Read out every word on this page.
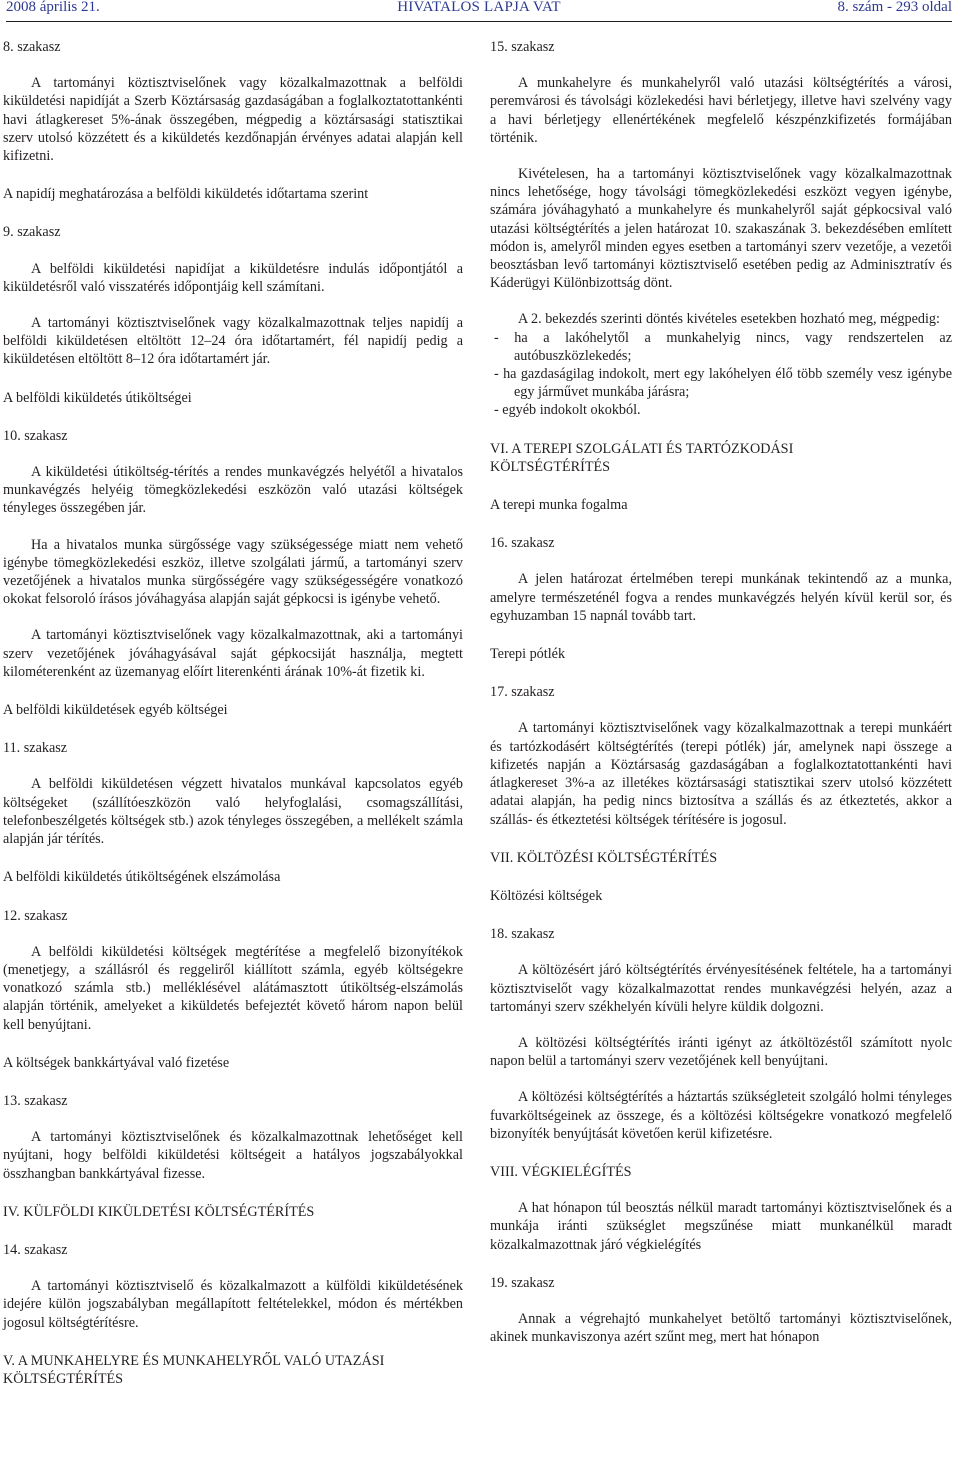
2008 április 21.	HIVATALOS LAPJA VAT	8. szám - 293 oldal

8. szakasz

A tartományi köztisztviselőnek vagy közalkalmazottnak a belföldi kiküldetési napidíját a Szerb Köztársaság gazdaságában a foglalkoztatottankénti havi átlagkereset 5%-ának összegében, mégpedig a köztársasági statisztikai szerv utolsó közzétett és a kiküldetés kezdőnapján érvényes adatai alapján kell kifizetni.

A napidíj meghatározása a belföldi kiküldetés időtartama szerint

9. szakasz

A belföldi kiküldetési napidíjat a kiküldetésre indulás időpontjától a kiküldetésről való visszatérés időpontjáig kell számítani.

A tartományi köztisztviselőnek vagy közalkalmazottnak teljes napidíj a belföldi kiküldetésen eltöltött 12–24 óra időtartamért, fél napidíj pedig a kiküldetésen eltöltött 8–12 óra időtartamért jár.

A belföldi kiküldetés útiköltségei

10. szakasz

A kiküldetési útiköltség-térítés a rendes munkavégzés helyétől a hivatalos munkavégzés helyéig tömegközlekedési eszközön való utazási költségek tényleges összegében jár.

Ha a hivatalos munka sürgőssége vagy szükségessége miatt nem vehető igénybe tömegközlekedési eszköz, illetve szolgálati jármű, a tartományi szerv vezetőjének a hivatalos munka sürgősségére vagy szükségességére vonatkozó okokat felsoroló írásos jóváhagyása alapján saját gépkocsi is igénybe vehető.

A tartományi köztisztviselőnek vagy közalkalmazottnak, aki a tartományi szerv vezetőjének jóváhagyásával saját gépkocsiját használja, megtett kilométerenként az üzemanyag előírt literenkénti árának 10%-át fizetik ki.

A belföldi kiküldetések egyéb költségei

11. szakasz

A belföldi kiküldetésen végzett hivatalos munkával kapcsolatos egyéb költségeket (szállítóeszközön való helyfoglalási, csomagszállítási, telefonbeszélgetés költségek stb.) azok tényleges összegében, a mellékelt számla alapján jár térítés.

A belföldi kiküldetés útiköltségének elszámolása

12. szakasz

A belföldi kiküldetési költségek megtérítése a megfelelő bizonyítékok (menetjegy, a szállásról és reggeliről kiállított számla, egyéb költségekre vonatkozó számla stb.) melléklésével alátámasztott útiköltség-elszámolás alapján történik, amelyeket a kiküldetés befejeztét követő három napon belül kell benyújtani.

A költségek bankkártyával való fizetése

13. szakasz

A tartományi köztisztviselőnek és közalkalmazottnak lehetőséget kell nyújtani, hogy belföldi kiküldetési költségeit a hatályos jogszabályokkal összhangban bankkártyával fizesse.

IV. KÜLFÖLDI KIKÜLDETÉSI KÖLTSÉGTÉRÍTÉS

14. szakasz

A tartományi köztisztviselő és közalkalmazott a külföldi kiküldetésének idejére külön jogszabályban megállapított feltételekkel, módon és mértékben jogosul költségtérítésre.

V. A MUNKAHELYRE ÉS MUNKAHELYRŐL VALÓ UTAZÁSI

KÖLTSÉGTÉRÍTÉS

15. szakasz

A munkahelyre és munkahelyről való utazási költségtérítés a városi, peremvárosi és távolsági közlekedési havi bérletjegy, illetve havi szelvény vagy a havi bérletjegy ellenértékének megfelelő készpénzkifizetés formájában történik.

Kivételesen, ha a tartományi köztisztviselőnek vagy közalkalmazottnak nincs lehetősége, hogy távolsági tömegközlekedési eszközt vegyen igénybe, számára jóváhagyható a munkahelyre és munkahelyről saját gépkocsival való utazási költségtérítés a jelen határozat 10. szakaszának 3. bekezdésében említett módon is, amelyről minden egyes esetben a tartományi szerv vezetője, a vezetői beosztásban levő tartományi köztisztviselő esetében pedig az Adminisztratív és Káderügyi Különbizottság dönt.

A 2. bekezdés szerinti döntés kivételes esetekben hozható meg, mégpedig:

- ha a lakóhelytől a munkahelyig nincs, vagy rendszertelen az autóbuszközlekedés;

- ha gazdaságilag indokolt, mert egy lakóhelyen élő több személy vesz igénybe egy járművet munkába járásra;

- egyéb indokolt okokból.

VI. A TEREPI SZOLGÁLATI ÉS TARTÓZKODÁSI

KÖLTSÉGTÉRÍTÉS

A terepi munka fogalma

16. szakasz

A jelen határozat értelmében terepi munkának tekintendő az a munka, amelyre természeténél fogva a rendes munkavégzés helyén kívül kerül sor, és egyhuzamban 15 napnál tovább tart.

Terepi pótlék

17. szakasz

A tartományi köztisztviselőnek vagy közalkalmazottnak a terepi munkáért és tartózkodásért költségtérítés (terepi pótlék) jár, amelynek napi összege a kifizetés napján a Köztársaság gazdaságában a foglalkoztatottankénti havi átlagkereset 3%-a az illetékes köztársasági statisztikai szerv utolsó közzétett adatai alapján, ha pedig nincs biztosítva a szállás és az étkeztetés, akkor a szállás- és étkeztetési költségek térítésére is jogosul.

VII. KÖLTÖZÉSI KÖLTSÉGTÉRÍTÉS

Költözési költségek

18. szakasz

A költözésért járó költségtérítés érvényesítésének feltétele, ha a tartományi köztisztviselőt vagy közalkalmazottat rendes munkavégzési helyén, azaz a tartományi szerv székhelyén kívüli helyre küldik dolgozni.

A költözési költségtérítés iránti igényt az átköltözéstől számított nyolc napon belül a tartományi szerv vezetőjének kell benyújtani.

A költözési költségtérítés a háztartás szükségleteit szolgáló holmi tényleges fuvarköltségeinek az összege, és a költözési költségekre vonatkozó megfelelő bizonyíték benyújtását követően kerül kifizetésre.

VIII. VÉGKIELÉGÍTÉS

A hat hónapon túl beosztás nélkül maradt tartományi köztisztviselőnek és a munkája iránti szükséglet megszűnése miatt munkanélkül maradt közalkalmazottnak járó végkielégítés

19. szakasz

Annak a végrehajtó munkahelyet betöltő tartományi köztisztviselőnek, akinek munkaviszonya azért szűnt meg, mert hat hónapon
